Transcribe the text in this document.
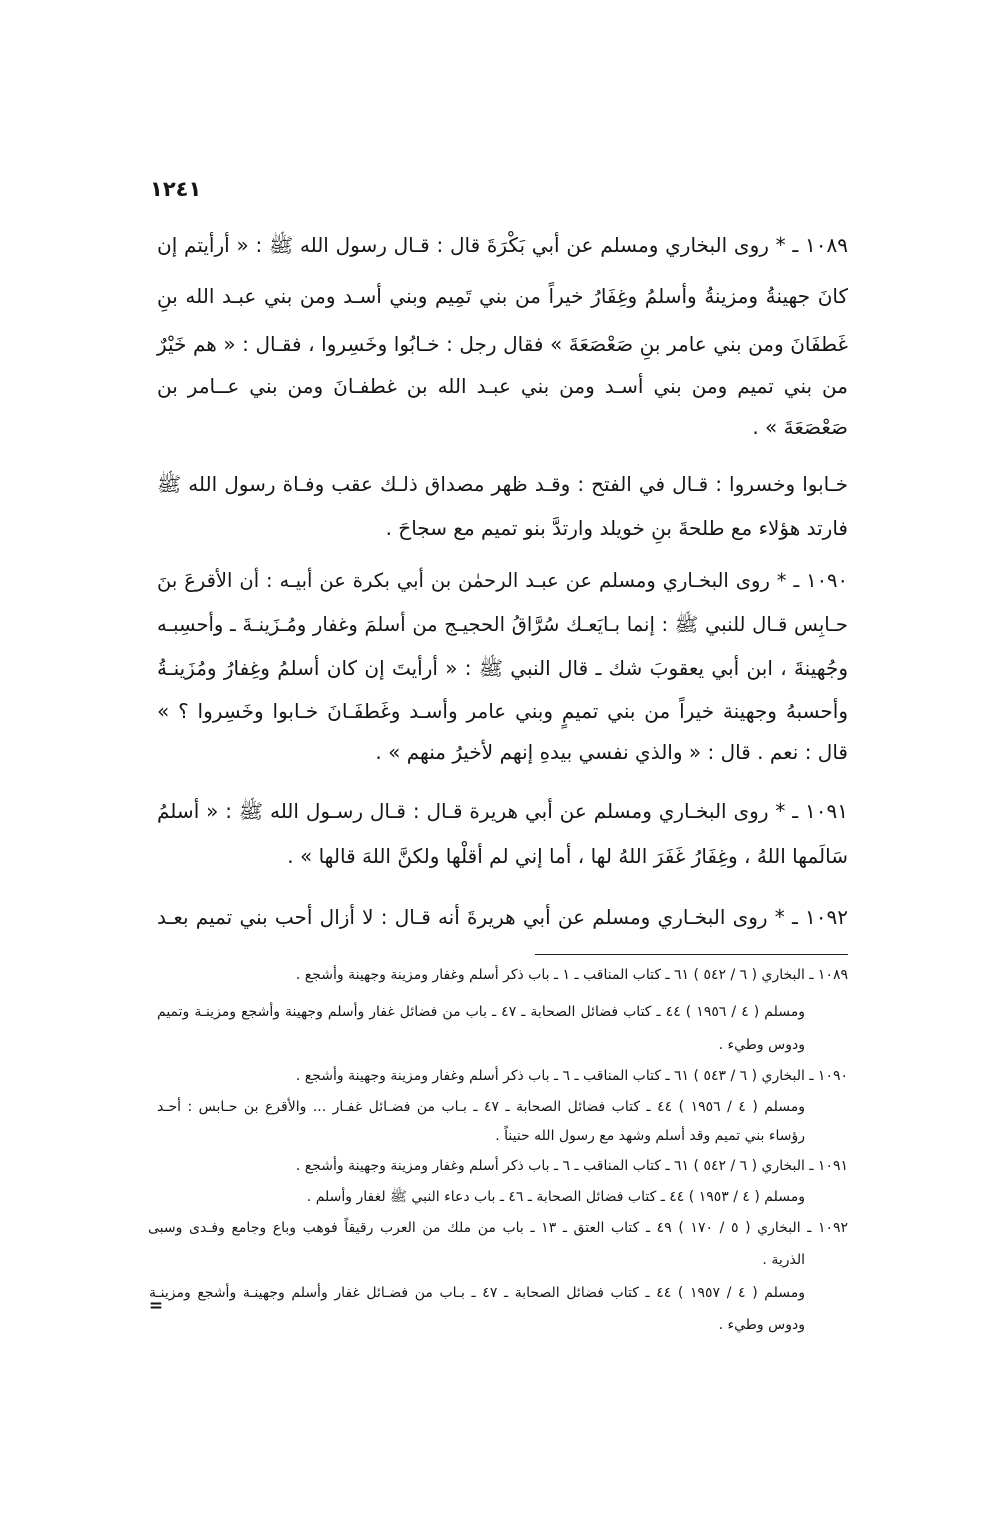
١٢٤١
١٠٨٩ ـ * روى البخاري ومسلم عن أبي بَكْرَةَ قال : قـال رسول الله ﷺ : « أرأيتم إن
كانَ جهينةُ ومزينةُ وأسلمُ وغِفَارُ خيراً من بني تَمِيم وبني أسـد ومن بني عبـد الله بنِ
غَطفَانَ ومن بني عامر بنِ صَعْصَعَةَ » فقال رجل : خـابُوا وخَسِروا ، فقـال : « هم خَيْرٌ
من بني تميم ومن بني أسـد ومن بني عبـد الله بن غطفـانَ ومن بني عــامر بن
صَعْصَعَةَ » .
خـابوا وخسروا : قـال في الفتح : وقـد ظهر مصداق ذلـك عقب وفـاة رسول الله ﷺ
فارتد هؤلاء مع طلحةَ بنِ خويلد وارتدَّ بنو تميم مع سجاحَ .
١٠٩٠ ـ * روى البخـاري ومسلم عن عبـد الرحمٰن بن أبي بكرة عن أبيـه : أن الأقرعَ بنَ
حـابِس قـال للنبي ﷺ : إنما بـايَعـك سُرَّاقُ الحجيـج من أسلمَ وغفار ومُـزَينـةَ ـ وأحسِبـه
وجُهينةَ ، ابن أبي يعقوبَ شك ـ قال النبي ﷺ : « أرأيتَ إن كان أسلمُ وغِفارُ ومُزَينـةُ
وأحسبهُ وجهينة خيراً من بني تميمٍ وبني عامر وأسـد وغَطفَـانَ خـابوا وخَسِروا ؟ »
قال : نعم . قال : « والذي نفسي بيدهِ إنهم لأخيرُ منهم » .
١٠٩١ ـ * روى البخـاري ومسلم عن أبي هريرة قـال : قـال رسـول الله ﷺ : « أسلمُ
سَالَمها اللهُ ، وغِفَارُ غَفَرَ اللهُ لها ، أما إني لم أقلْها ولكنَّ اللهَ قالها » .
١٠٩٢ ـ * روى البخـاري ومسلم عن أبي هريرةَ أنه قـال : لا أزال أحب بني تميم بعـد
١٠٨٩ ـ البخاري ( ٦ / ٥٤٢ ) ٦١ ـ كتاب المناقب ـ ١ ـ باب ذكر أسلم وغفار ومزينة وجهينة وأشجع .
ومسلم ( ٤ / ١٩٥٦ ) ٤٤ ـ كتاب فضائل الصحابة ـ ٤٧ ـ باب من فضائل غفار وأسلم وجهينة وأشجع ومزينـة وتميم
ودوس وطيء .
١٠٩٠ ـ البخاري ( ٦ / ٥٤٣ ) ٦١ ـ كتاب المناقب ـ ٦ ـ باب ذكر أسلم وغفار ومزينة وجهينة وأشجع .
ومسلم ( ٤ / ١٩٥٦ ) ٤٤ ـ كتاب فضائل الصحابة ـ ٤٧ ـ بـاب من فضـائل غفـار ... والأقرع بن حـابس : أحـد
رؤساء بني تميم وقد أسلم وشهد مع رسول الله حنيناً .
١٠٩١ ـ البخاري ( ٦ / ٥٤٢ ) ٦١ ـ كتاب المناقب ـ ٦ ـ باب ذكر أسلم وغفار ومزينة وجهينة وأشجع .
ومسلم ( ٤ / ١٩٥٣ ) ٤٤ ـ كتاب فضائل الصحابة ـ ٤٦ ـ باب دعاء النبي ﷺ لغفار وأسلم .
١٠٩٢ ـ البخاري ( ٥ / ١٧٠ ) ٤٩ ـ كتاب العتق ـ ١٣ ـ باب من ملك من العرب رقيقاً فوهب وباع وجامع وفـدى وسبى
الذرية .
ومسلم ( ٤ / ١٩٥٧ ) ٤٤ ـ كتاب فضائل الصحابة ـ ٤٧ ـ بـاب من فضـائل غفار وأسلم وجهينـة وأشجع ومزينـة
ودوس وطيء .
=
